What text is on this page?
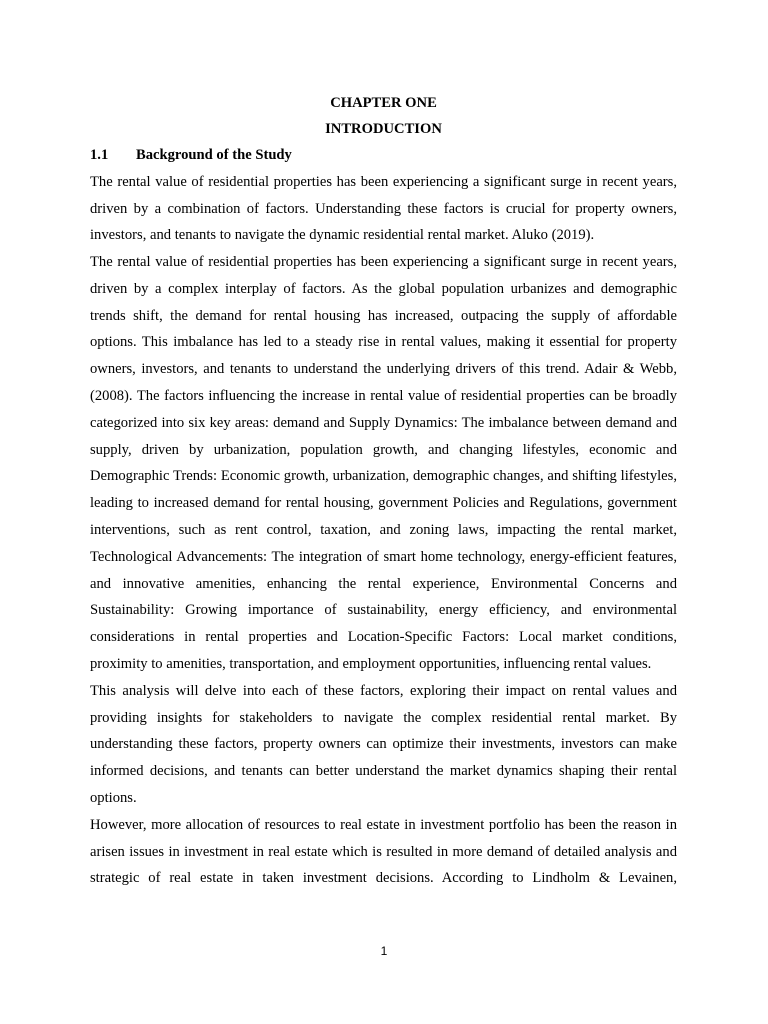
CHAPTER ONE

INTRODUCTION

1.1	Background of the Study

The rental value of residential properties has been experiencing a significant surge in recent years, driven by a combination of factors. Understanding these factors is crucial for property owners, investors, and tenants to navigate the dynamic residential rental market. Aluko (2019).

The rental value of residential properties has been experiencing a significant surge in recent years, driven by a complex interplay of factors. As the global population urbanizes and demographic trends shift, the demand for rental housing has increased, outpacing the supply of affordable options. This imbalance has led to a steady rise in rental values, making it essential for property owners, investors, and tenants to understand the underlying drivers of this trend. Adair & Webb, (2008). The factors influencing the increase in rental value of residential properties can be broadly categorized into six key areas: demand and Supply Dynamics: The imbalance between demand and supply, driven by urbanization, population growth, and changing lifestyles, economic and Demographic Trends: Economic growth, urbanization, demographic changes, and shifting lifestyles, leading to increased demand for rental housing, government Policies and Regulations, government interventions, such as rent control, taxation, and zoning laws, impacting the rental market, Technological Advancements: The integration of smart home technology, energy-efficient features, and innovative amenities, enhancing the rental experience, Environmental Concerns and Sustainability: Growing importance of sustainability, energy efficiency, and environmental considerations in rental properties and Location-Specific Factors: Local market conditions, proximity to amenities, transportation, and employment opportunities, influencing rental values.

This analysis will delve into each of these factors, exploring their impact on rental values and providing insights for stakeholders to navigate the complex residential rental market. By understanding these factors, property owners can optimize their investments, investors can make informed decisions, and tenants can better understand the market dynamics shaping their rental options.

However, more allocation of resources to real estate in investment portfolio has been the reason in arisen issues in investment in real estate which is resulted in more demand of detailed analysis and strategic of real estate in taken investment decisions. According to Lindholm & Levainen,

1
